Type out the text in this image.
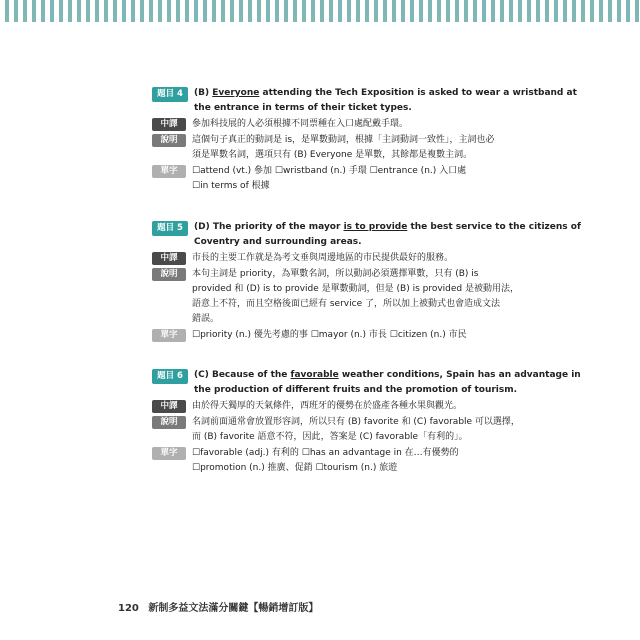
題目 4	(B) Everyone attending the Tech Exposition is asked to wear a wristband at
the entrance in terms of their ticket types.
中譯	參加科技展的人必須根據不同票種在入口處配戴手環。
說明	這個句子真正的動詞是 is，是單數動詞，根據「主詞動詞一致性」，主詞也必
須是單數名詞，選項只有 (B) Everyone 是單數，其餘都是複數主詞。
單字	☐attend (vt.) 參加 ☐wristband (n.) 手環 ☐entrance (n.) 入口處
☐in terms of 根據
題目 5	(D) The priority of the mayor is to provide the best service to the citizens of
Coventry and surrounding areas.
中譯	市長的主要工作就是為考文垂與周邊地區的市民提供最好的服務。
說明	本句主詞是 priority，為單數名詞，所以動詞必須選擇單數，只有 (B) is
provided 和 (D) is to provide 是單數動詞，但是 (B) is provided 是被動用法，
語意上不符，而且空格後面已經有 service 了，所以加上被動式也會造成文法
錯誤。
單字	☐priority (n.) 優先考慮的事 ☐mayor (n.) 市長 ☐citizen (n.) 市民
題目 6	(C) Because of the favorable weather conditions, Spain has an advantage in
the production of different fruits and the promotion of tourism.
中譯	由於得天獨厚的天氣條件，西班牙的優勢在於盛產各種水果與觀光。
說明	名詞前面通常會放置形容詞，所以只有 (B) favorite 和 (C) favorable 可以選擇，
而 (B) favorite 語意不符，因此，答案是 (C) favorable「有利的」。
單字	☐favorable (adj.) 有利的 ☐has an advantage in 在…有優勢的
☐promotion (n.) 推廣、促銷 ☐tourism (n.) 旅遊
120 新制多益文法滿分關鍵【暢銷增訂版】
